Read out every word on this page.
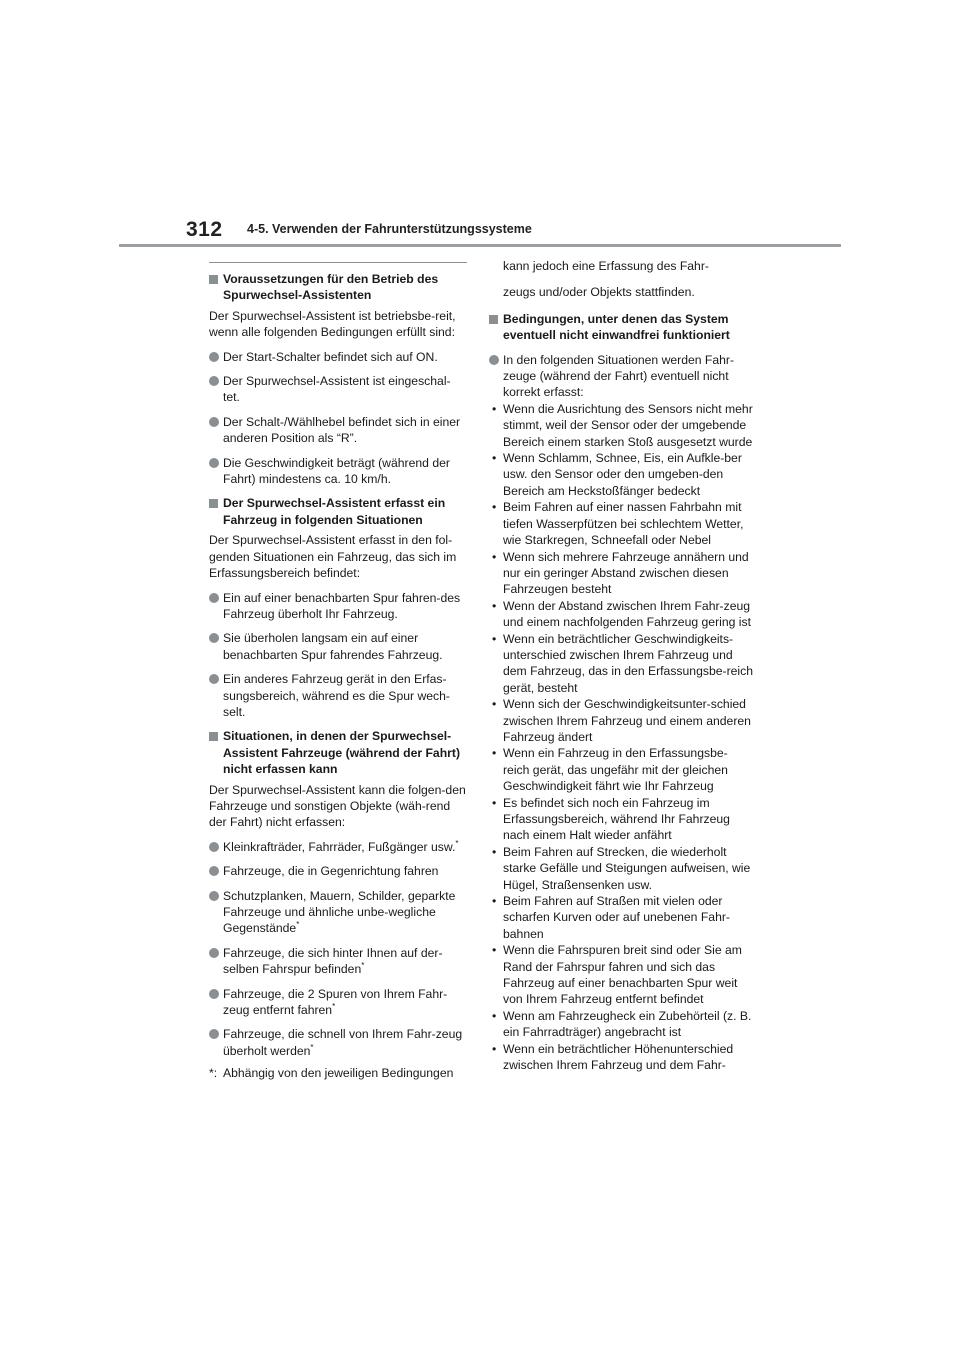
312 4-5. Verwenden der Fahrunterstützungssysteme
Voraussetzungen für den Betrieb des Spurwechsel-Assistenten
Der Spurwechsel-Assistent ist betriebsbe-reit, wenn alle folgenden Bedingungen erfüllt sind:
Der Start-Schalter befindet sich auf ON.
Der Spurwechsel-Assistent ist eingeschal-tet.
Der Schalt-/Wählhebel befindet sich in einer anderen Position als “R”.
Die Geschwindigkeit beträgt (während der Fahrt) mindestens ca. 10 km/h.
Der Spurwechsel-Assistent erfasst ein Fahrzeug in folgenden Situationen
Der Spurwechsel-Assistent erfasst in den fol-genden Situationen ein Fahrzeug, das sich im Erfassungsbereich befindet:
Ein auf einer benachbarten Spur fahren-des Fahrzeug überholt Ihr Fahrzeug.
Sie überholen langsam ein auf einer benachbarten Spur fahrendes Fahrzeug.
Ein anderes Fahrzeug gerät in den Erfas-sungsbereich, während es die Spur wech-selt.
Situationen, in denen der Spurwechsel-Assistent Fahrzeuge (während der Fahrt) nicht erfassen kann
Der Spurwechsel-Assistent kann die folgen-den Fahrzeuge und sonstigen Objekte (wäh-rend der Fahrt) nicht erfassen:
Kleinkrafträder, Fahrräder, Fußgänger usw.*
Fahrzeuge, die in Gegenrichtung fahren
Schutzplanken, Mauern, Schilder, geparkte Fahrzeuge und ähnliche unbe-wegliche Gegenstände*
Fahrzeuge, die sich hinter Ihnen auf der-selben Fahrspur befinden*
Fahrzeuge, die 2 Spuren von Ihrem Fahr-zeug entfernt fahren*
Fahrzeuge, die schnell von Ihrem Fahr-zeug überholt werden*
*: Abhängig von den jeweiligen Bedingungen
kann jedoch eine Erfassung des Fahr-
zeugs und/oder Objekts stattfinden.
Bedingungen, unter denen das System eventuell nicht einwandfrei funktioniert
In den folgenden Situationen werden Fahr-zeuge (während der Fahrt) eventuell nicht korrekt erfasst:
• Wenn die Ausrichtung des Sensors nicht mehr stimmt, weil der Sensor oder der umgebende Bereich einem starken Stoß ausgesetzt wurde
• Wenn Schlamm, Schnee, Eis, ein Aufkle-ber usw. den Sensor oder den umgeben-den Bereich am Heckstoßfänger bedeckt
• Beim Fahren auf einer nassen Fahrbahn mit tiefen Wasserpfützen bei schlechtem Wetter, wie Starkregen, Schneefall oder Nebel
• Wenn sich mehrere Fahrzeuge annähern und nur ein geringer Abstand zwischen diesen Fahrzeugen besteht
• Wenn der Abstand zwischen Ihrem Fahr-zeug und einem nachfolgenden Fahrzeug gering ist
• Wenn ein beträchtlicher Geschwindigkeits-unterschied zwischen Ihrem Fahrzeug und dem Fahrzeug, das in den Erfassungsbe-reich gerät, besteht
• Wenn sich der Geschwindigkeitsunter-schied zwischen Ihrem Fahrzeug und einem anderen Fahrzeug ändert
• Wenn ein Fahrzeug in den Erfassungsbe-reich gerät, das ungefähr mit der gleichen Geschwindigkeit fährt wie Ihr Fahrzeug
• Es befindet sich noch ein Fahrzeug im Erfassungsbereich, während Ihr Fahrzeug nach einem Halt wieder anfährt
• Beim Fahren auf Strecken, die wiederholt starke Gefälle und Steigungen aufweisen, wie Hügel, Straßensenken usw.
• Beim Fahren auf Straßen mit vielen oder scharfen Kurven oder auf unebenen Fahr-bahnen
• Wenn die Fahrspuren breit sind oder Sie am Rand der Fahrspur fahren und sich das Fahrzeug auf einer benachbarten Spur weit von Ihrem Fahrzeug entfernt befindet
• Wenn am Fahrzeugheck ein Zubehörteil (z. B. ein Fahrradträger) angebracht ist
• Wenn ein beträchtlicher Höhenunterschied zwischen Ihrem Fahrzeug und dem Fahr-
